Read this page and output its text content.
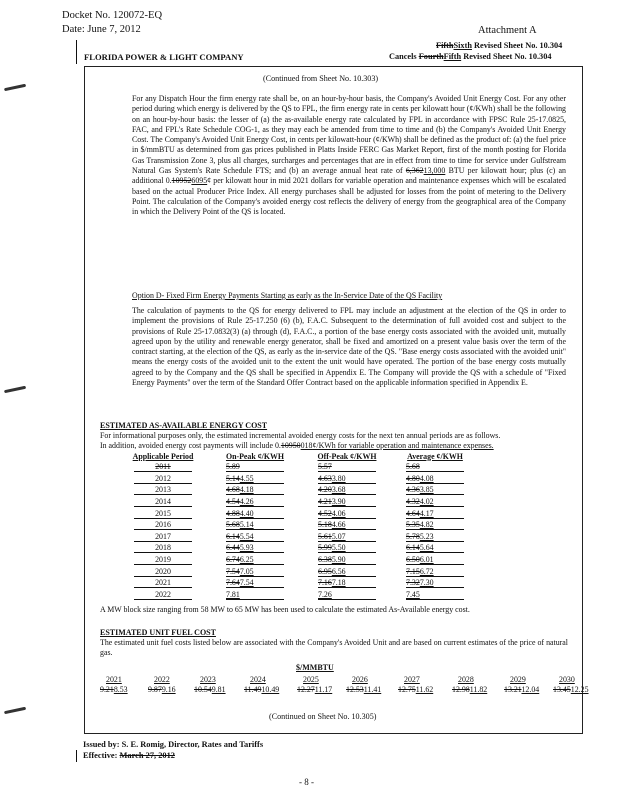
Docket No. 120072-EQ
Date: June 7, 2012
FLORIDA POWER & LIGHT COMPANY
Attachment A
FifthSixth Revised Sheet No. 10.304
Cancels FourthFifth Revised Sheet No. 10.304
(Continued from Sheet No. 10.303)
For any Dispatch Hour the firm energy rate shall be, on an hour-by-hour basis, the Company's Avoided Unit Energy Cost. For any other period during which energy is delivered by the QS to FPL, the firm energy rate in cents per kilowatt hour (¢/KWh) shall be the following on an hour-by-hour basis: the lesser of (a) the as-available energy rate calculated by FPL in accordance with FPSC Rule 25-17.0825, FAC, and FPL's Rate Schedule COG-1, as they may each be amended from time to time and (b) the Company's Avoided Unit Energy Cost. The Company's Avoided Unit Energy Cost, in cents per kilowatt-hour (¢/KWh) shall be defined as the product of: (a) the fuel price in $/mmBTU as determined from gas prices published in Platts Inside FERC Gas Market Report, first of the month posting for Florida Gas Transmission Zone 3, plus all charges, surcharges and percentages that are in effect from time to time for service under Gulfstream Natural Gas System's Rate Schedule FTS; and (b) an average annual heat rate of 6,36213,000 BTU per kilowatt hour; plus (c) an additional 0.109526095¢ per kilowatt hour in mid 2021 dollars for variable operation and maintenance expenses which will be escalated based on the actual Producer Price Index. All energy purchases shall be adjusted for losses from the point of metering to the Delivery Point. The calculation of the Company's avoided energy cost reflects the delivery of energy from the geographical area of the Company in which the Delivery Point of the QS is located.
Option D- Fixed Firm Energy Payments Starting as early as the In-Service Date of the QS Facility
The calculation of payments to the QS for energy delivered to FPL may include an adjustment at the election of the QS in order to implement the provisions of Rule 25-17.250 (6) (b), F.A.C. Subsequent to the determination of full avoided cost and subject to the provisions of Rule 25-17.0832(3) (a) through (d), F.A.C., a portion of the base energy costs associated with the avoided unit, mutually agreed upon by the utility and renewable energy generator, shall be fixed and amortized on a present value basis over the term of the contract starting, at the election of the QS, as early as the in-service date of the QS. "Base energy costs associated with the avoided unit" means the energy costs of the avoided unit to the extent the unit would have operated. The portion of the base energy costs mutually agreed to by the Company and the QS shall be specified in Appendix E. The Company will provide the QS with a schedule of "Fixed Energy Payments" over the term of the Standard Offer Contract based on the applicable information specified in Appendix E.
ESTIMATED AS-AVAILABLE ENERGY COST
For informational purposes only, the estimated incremental avoided energy costs for the next ten annual periods are as follows.
In addition, avoided energy cost payments will include 0.10950018¢/KWh for variable operation and maintenance expenses.
Applicable Period	On-Peak ¢/KWH	Off-Peak ¢/KWH	Average ¢/KWH
2011	5.89	5.57	5.68
2012	5.144.55	4.633.80	4.804.08
2013	4.684.18	4.203.68	4.363.85
2014	4.544.26	4.213.90	4.324.02
2015	4.884.40	4.524.06	4.644.17
2016	5.685.14	5.184.66	5.354.82
2017	6.145.54	5.615.07	5.785.23
2018	6.445.93	5.995.50	6.145.64
2019	6.746.25	6.385.90	6.506.01
2020	7.547.05	6.956.56	7.156.72
2021	7.647.54	7.167.18	7.327.30
2022	7.81	7.26	7.45
A MW block size ranging from 58 MW to 65 MW has been used to calculate the estimated As-Available energy cost.
ESTIMATED UNIT FUEL COST
The estimated unit fuel costs listed below are associated with the Company's Avoided Unit and are based on current estimates of the price of natural gas.
$/MMBTU
2021	2022	2023	2024	2025	2026	2027	2028	2029	2030
9.218.53	9.879.16	10.549.81	11.4910.49	12.2711.17	12.5311.41	12.7511.62	12.9811.82	13.2112.04	13.4512.25
(Continued on Sheet No. 10.305)
Issued by: S. E. Romig, Director, Rates and Tariffs
Effective: March 27, 2012
- 8 -
